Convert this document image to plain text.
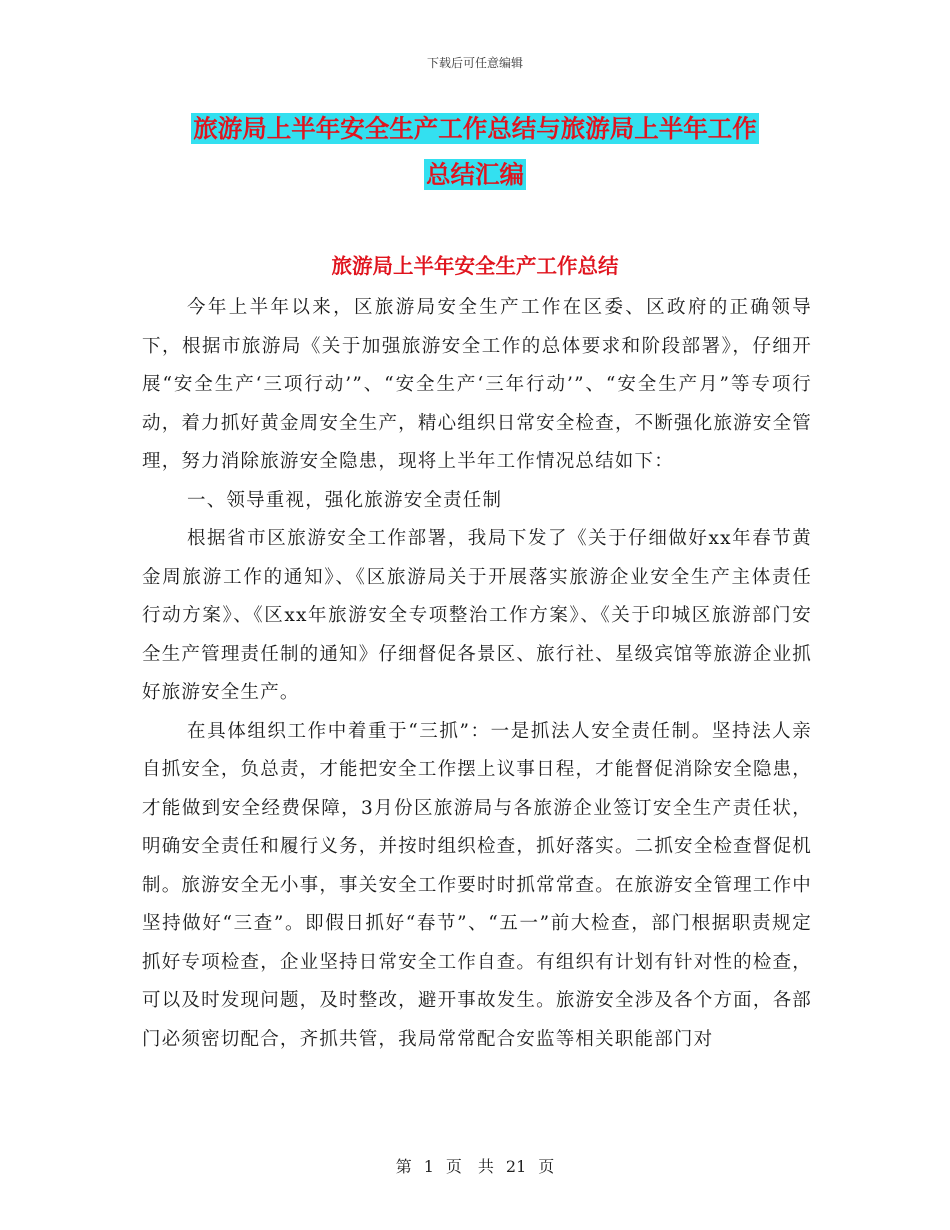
下载后可任意编辑
旅游局上半年安全生产工作总结与旅游局上半年工作
总结汇编
旅游局上半年安全生产工作总结

今年上半年以来，区旅游局安全生产工作在区委、区政府的正确领导下，根据市旅游局《关于加强旅游安全工作的总体要求和阶段部署》，仔细开展“安全生产‘三项行动’”、“安全生产‘三年行动’”、“安全生产月”等专项行动，着力抓好黄金周安全生产，精心组织日常安全检查，不断强化旅游安全管理，努力消除旅游安全隐患，现将上半年工作情况总结如下：

一、领导重视，强化旅游安全责任制

根据省市区旅游安全工作部署，我局下发了《关于仔细做好xx年春节黄金周旅游工作的通知》、《区旅游局关于开展落实旅游企业安全生产主体责任行动方案》、《区xx年旅游安全专项整治工作方案》、《关于印城区旅游部门安全生产管理责任制的通知》仔细督促各景区、旅行社、星级宾馆等旅游企业抓好旅游安全生产。

在具体组织工作中着重于“三抓”：一是抓法人安全责任制。坚持法人亲自抓安全，负总责，才能把安全工作摆上议事日程，才能督促消除安全隐患，才能做到安全经费保障，3月份区旅游局与各旅游企业签订安全生产责任状，明确安全责任和履行义务，并按时组织检查，抓好落实。二抓安全检查督促机制。旅游安全无小事，事关安全工作要时时抓常常查。在旅游安全管理工作中坚持做好“三查”。即假日抓好“春节”、“五一”前大检查，部门根据职责规定抓好专项检查，企业坚持日常安全工作自查。有组织有计划有针对性的检查，可以及时发现问题，及时整改，避开事故发生。旅游安全涉及各个方面，各部门必须密切配合，齐抓共管，我局常常配合安监等相关职能部门对

第 1 页　共 21 页
